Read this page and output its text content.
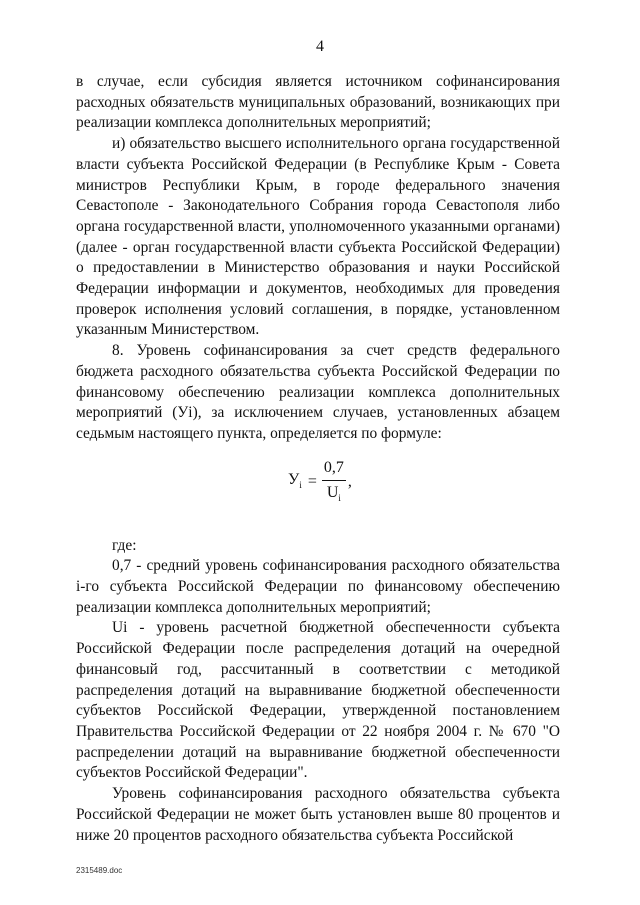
4

в случае, если субсидия является источником софинансирования расходных обязательств муниципальных образований, возникающих при реализации комплекса дополнительных мероприятий;

и) обязательство высшего исполнительного органа государственной власти субъекта Российской Федерации (в Республике Крым - Совета министров Республики Крым, в городе федерального значения Севастополе - Законодательного Собрания города Севастополя либо органа государственной власти, уполномоченного указанными органами) (далее - орган государственной власти субъекта Российской Федерации) о предоставлении в Министерство образования и науки Российской Федерации информации и документов, необходимых для проведения проверок исполнения условий соглашения, в порядке, установленном указанным Министерством.

8. Уровень софинансирования за счет средств федерального бюджета расходного обязательства субъекта Российской Федерации по финансовому обеспечению реализации комплекса дополнительных мероприятий (Уi), за исключением случаев, установленных абзацем седьмым настоящего пункта, определяется по формуле:

$У_i = \frac{0,7}{U_i}$ ,

где:

0,7 - средний уровень софинансирования расходного обязательства i-го субъекта Российской Федерации по финансовому обеспечению реализации комплекса дополнительных мероприятий;

Ui - уровень расчетной бюджетной обеспеченности субъекта Российской Федерации после распределения дотаций на очередной финансовый год, рассчитанный в соответствии с методикой распределения дотаций на выравнивание бюджетной обеспеченности субъектов Российской Федерации, утвержденной постановлением Правительства Российской Федерации от 22 ноября 2004 г. № 670 "О распределении дотаций на выравнивание бюджетной обеспеченности субъектов Российской Федерации".

Уровень софинансирования расходного обязательства субъекта Российской Федерации не может быть установлен выше 80 процентов и ниже 20 процентов расходного обязательства субъекта Российской

2315489.doc
